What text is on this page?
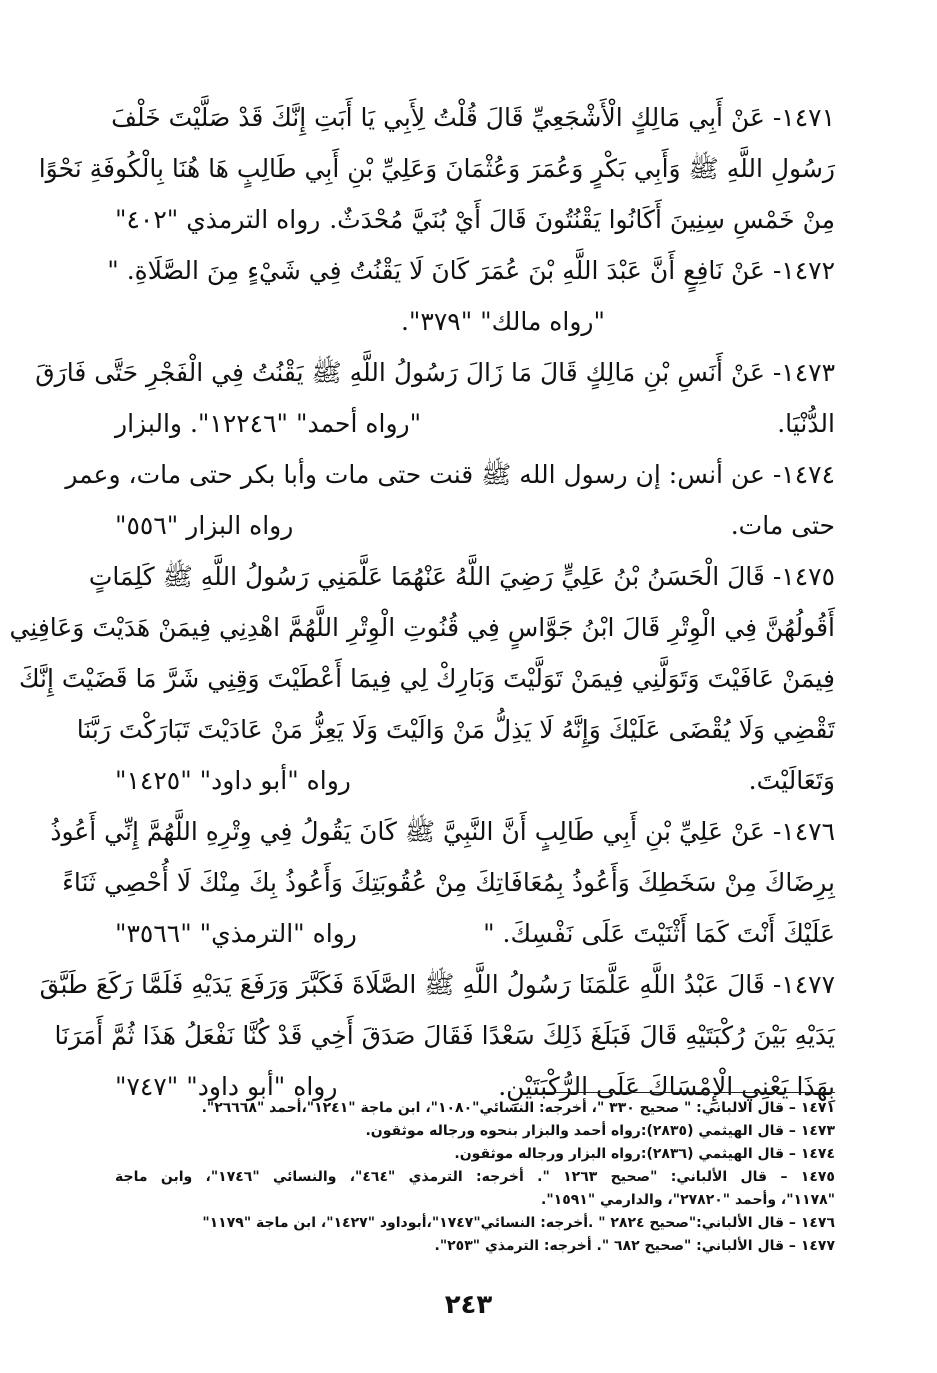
١٤٧١- عَنْ أَبِي مَالِكٍ الْأَشْجَعِيِّ قَالَ قُلْتُ لِأَبِي يَا أَبَتِ إِنَّكَ قَدْ صَلَّيْتَ خَلْفَ
رَسُولِ اللَّهِ ﷺ وَأَبِي بَكْرٍ وَعُمَرَ وَعُثْمَانَ وَعَلِيِّ بْنِ أَبِي طَالِبٍ هَا هُنَا بِالْكُوفَةِ نَحْوًا
مِنْ خَمْسِ سِنِينَ أَكَانُوا يَقْنُتُونَ قَالَ أَيْ بُنَيَّ مُحْدَثٌ.
رواه الترمذي "٤٠٢"
١٤٧٢- عَنْ نَافِعٍ أَنَّ عَبْدَ اللَّهِ بْنَ عُمَرَ كَانَ لَا يَقْنُتُ فِي شَيْءٍ مِنَ الصَّلَاةِ. "
"رواه مالك" "٣٧٩".
١٤٧٣- عَنْ أَنَسِ بْنِ مَالِكٍ قَالَ مَا زَالَ رَسُولُ اللَّهِ ﷺ يَقْنُتُ فِي الْفَجْرِ حَتَّى فَارَقَ
الدُّنْيَا.
"رواه أحمد" "١٢٢٤٦". والبزار
١٤٧٤- عن أنس: إن رسول الله ﷺ قنت حتى مات وأبا بكر حتى مات، وعمر
حتى مات.
رواه البزار "٥٥٦"
١٤٧٥- قَالَ الْحَسَنُ بْنُ عَلِيٍّ رَضِيَ اللَّهُ عَنْهُمَا عَلَّمَنِي رَسُولُ اللَّهِ ﷺ كَلِمَاتٍ
أَقُولُهُنَّ فِي الْوِتْرِ قَالَ ابْنُ جَوَّاسٍ فِي قُنُوتِ الْوِتْرِ اللَّهُمَّ اهْدِنِي فِيمَنْ هَدَيْتَ وَعَافِنِي
فِيمَنْ عَافَيْتَ وَتَوَلَّنِي فِيمَنْ تَوَلَّيْتَ وَبَارِكْ لِي فِيمَا أَعْطَيْتَ وَقِنِي شَرَّ مَا قَضَيْتَ إِنَّكَ
تَقْضِي وَلَا يُقْضَى عَلَيْكَ وَإِنَّهُ لَا يَذِلُّ مَنْ وَالَيْتَ وَلَا يَعِزُّ مَنْ عَادَيْتَ تَبَارَكْتَ رَبَّنَا
وَتَعَالَيْتَ.
رواه "أبو داود" "١٤٢٥"
١٤٧٦- عَنْ عَلِيِّ بْنِ أَبِي طَالِبٍ أَنَّ النَّبِيَّ ﷺ كَانَ يَقُولُ فِي وِتْرِهِ اللَّهُمَّ إِنِّي أَعُوذُ
بِرِضَاكَ مِنْ سَخَطِكَ وَأَعُوذُ بِمُعَافَاتِكَ مِنْ عُقُوبَتِكَ وَأَعُوذُ بِكَ مِنْكَ لَا أُحْصِي ثَنَاءً
عَلَيْكَ أَنْتَ كَمَا أَثْنَيْتَ عَلَى نَفْسِكَ. "
رواه "الترمذي" "٣٥٦٦"
١٤٧٧- قَالَ عَبْدُ اللَّهِ عَلَّمَنَا رَسُولُ اللَّهِ ﷺ الصَّلَاةَ فَكَبَّرَ وَرَفَعَ يَدَيْهِ فَلَمَّا رَكَعَ طَبَّقَ
يَدَيْهِ بَيْنَ رُكْبَتَيْهِ قَالَ فَبَلَغَ ذَلِكَ سَعْدًا فَقَالَ صَدَقَ أَخِي قَدْ كُنَّا نَفْعَلُ هَذَا ثُمَّ أَمَرَنَا
بِهَذَا يَعْنِي الْإِمْسَاكَ عَلَى الرُّكْبَتَيْنِ.
رواه "أبو داود" "٧٤٧"
١٤٧١ – قال الالباني: " صحيح ٣٣٠ "، أخرجه: النسائي"١٠٨٠"، ابن ماجة "١٢٤١"،أحمد "٢٦٦٦٨".
١٤٧٣ – قال الهيثمي (٢٨٣٥):رواه أحمد والبزار بنحوه ورجاله موثقون.
١٤٧٤ – قال الهيثمي (٢٨٣٦):رواه البزار ورجاله موثقون.
١٤٧٥ – قال الألباني: "صحيح ١٢٦٣ ". أخرجه: الترمذي "٤٦٤"، والنسائي "١٧٤٦"، وابن ماجة
"١١٧٨"، وأحمد "٢٧٨٢٠"، والدارمي "١٥٩١".
١٤٧٦ – قال الألباني:"صحيح ٢٨٢٤ " .أخرجه: النسائي"١٧٤٧"،أبوداود "١٤٢٧"، ابن ماجة "١١٧٩"
١٤٧٧ – قال الألباني: "صحيح ٦٨٢ ". أخرجه: الترمذي "٢٥٣".
٢٤٣
